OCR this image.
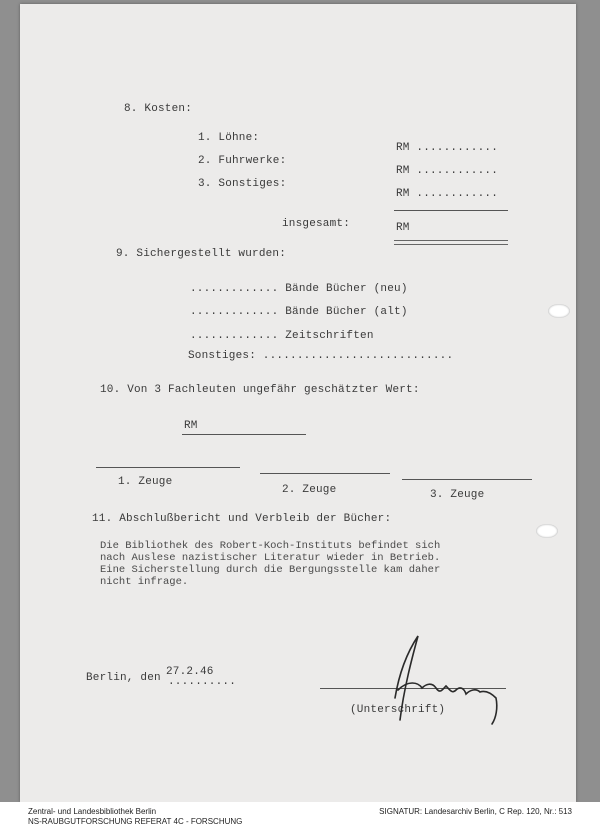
8. Kosten:
1. Löhne:
RM ............
2. Fuhrwerke:
RM ............
3. Sonstiges:
RM ............
insgesamt:	RM
9. Sichergestellt wurden:
............. Bände Bücher (neu)
............. Bände Bücher (alt)
............. Zeitschriften
Sonstiges: ............................
10. Von 3 Fachleuten ungefähr geschätzter Wert:
RM
1. Zeuge
2. Zeuge	3. Zeuge
11. Abschlußbericht und Verbleib der Bücher:
Die Bibliothek des Robert-Koch-Instituts befindet sich
nach Auslese nazistischer Literatur wieder in Betrieb.
Eine Sicherstellung durch die Bergungsstelle kam daher
nicht infrage.
Berlin, den 27.2.46
..........
(Unterschrift)
Zentral- und Landesbibliothek Berlin
NS-RAUBGUTFORSCHUNG REFERAT 4C - FORSCHUNG
SIGNATUR: Landesarchiv Berlin, C Rep. 120, Nr.: 513
